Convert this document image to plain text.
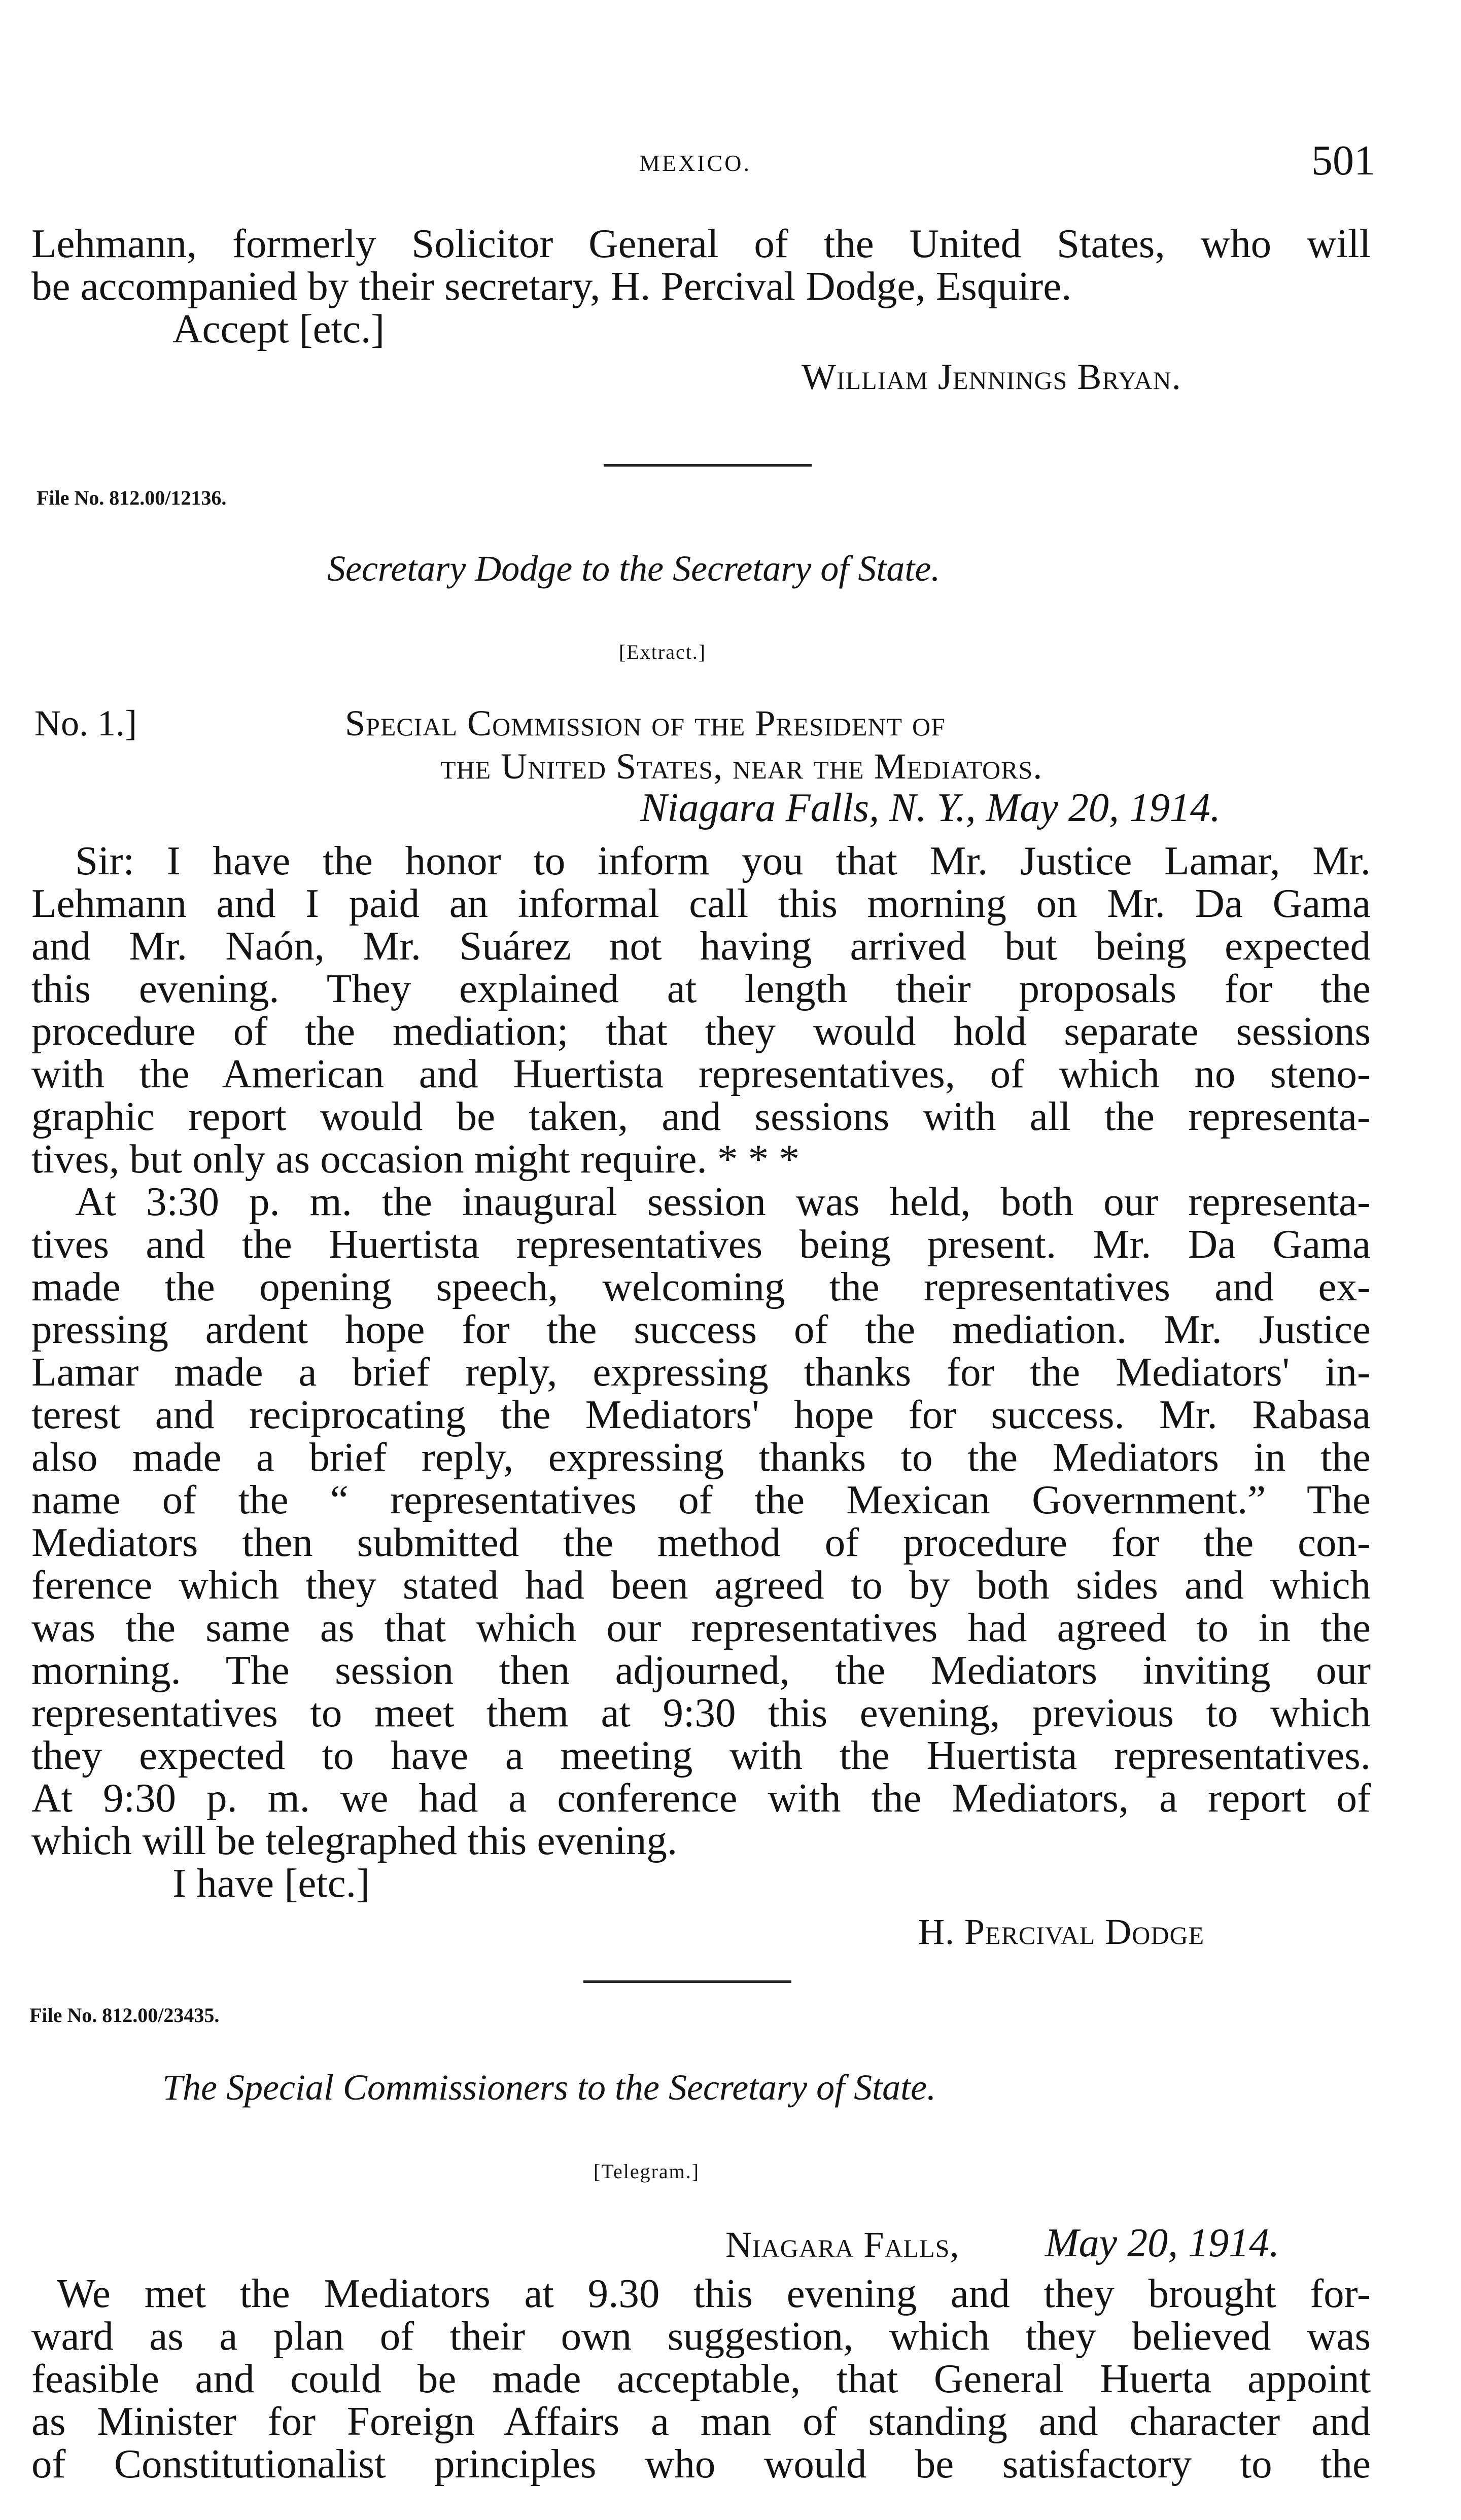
MEXICO.	501
Lehmann, formerly Solicitor General of the United States, who will
be accompanied by their secretary, H. Percival Dodge, Esquire.
Accept [etc.]
William Jennings Bryan.
File No. 812.00/12136.
Secretary Dodge to the Secretary of State.
[Extract.]
No. 1.]	Special Commission of the President of
the United States, near the Mediators.
Niagara Falls, N. Y., May 20, 1914.
Sir: I have the honor to inform you that Mr. Justice Lamar, Mr.
Lehmann and I paid an informal call this morning on Mr. Da Gama
and Mr. Naón, Mr. Suárez not having arrived but being expected
this evening. They explained at length their proposals for the
procedure of the mediation; that they would hold separate sessions
with the American and Huertista representatives, of which no steno-
graphic report would be taken, and sessions with all the representa-
tives, but only as occasion might require. * * *
At 3:30 p. m. the inaugural session was held, both our representa-
tives and the Huertista representatives being present. Mr. Da Gama
made the opening speech, welcoming the representatives and ex-
pressing ardent hope for the success of the mediation. Mr. Justice
Lamar made a brief reply, expressing thanks for the Mediators' in-
terest and reciprocating the Mediators' hope for success. Mr. Rabasa
also made a brief reply, expressing thanks to the Mediators in the
name of the “ representatives of the Mexican Government.” The
Mediators then submitted the method of procedure for the con-
ference which they stated had been agreed to by both sides and which
was the same as that which our representatives had agreed to in the
morning. The session then adjourned, the Mediators inviting our
representatives to meet them at 9:30 this evening, previous to which
they expected to have a meeting with the Huertista representatives.
At 9:30 p. m. we had a conference with the Mediators, a report of
which will be telegraphed this evening.
I have [etc.]
H. Percival Dodge
File No. 812.00/23435.
The Special Commissioners to the Secretary of State.
[Telegram.]
Niagara Falls, May 20, 1914.
We met the Mediators at 9.30 this evening and they brought for-
ward as a plan of their own suggestion, which they believed was
feasible and could be made acceptable, that General Huerta appoint
as Minister for Foreign Affairs a man of standing and character and
of Constitutionalist principles who would be satisfactory to the
